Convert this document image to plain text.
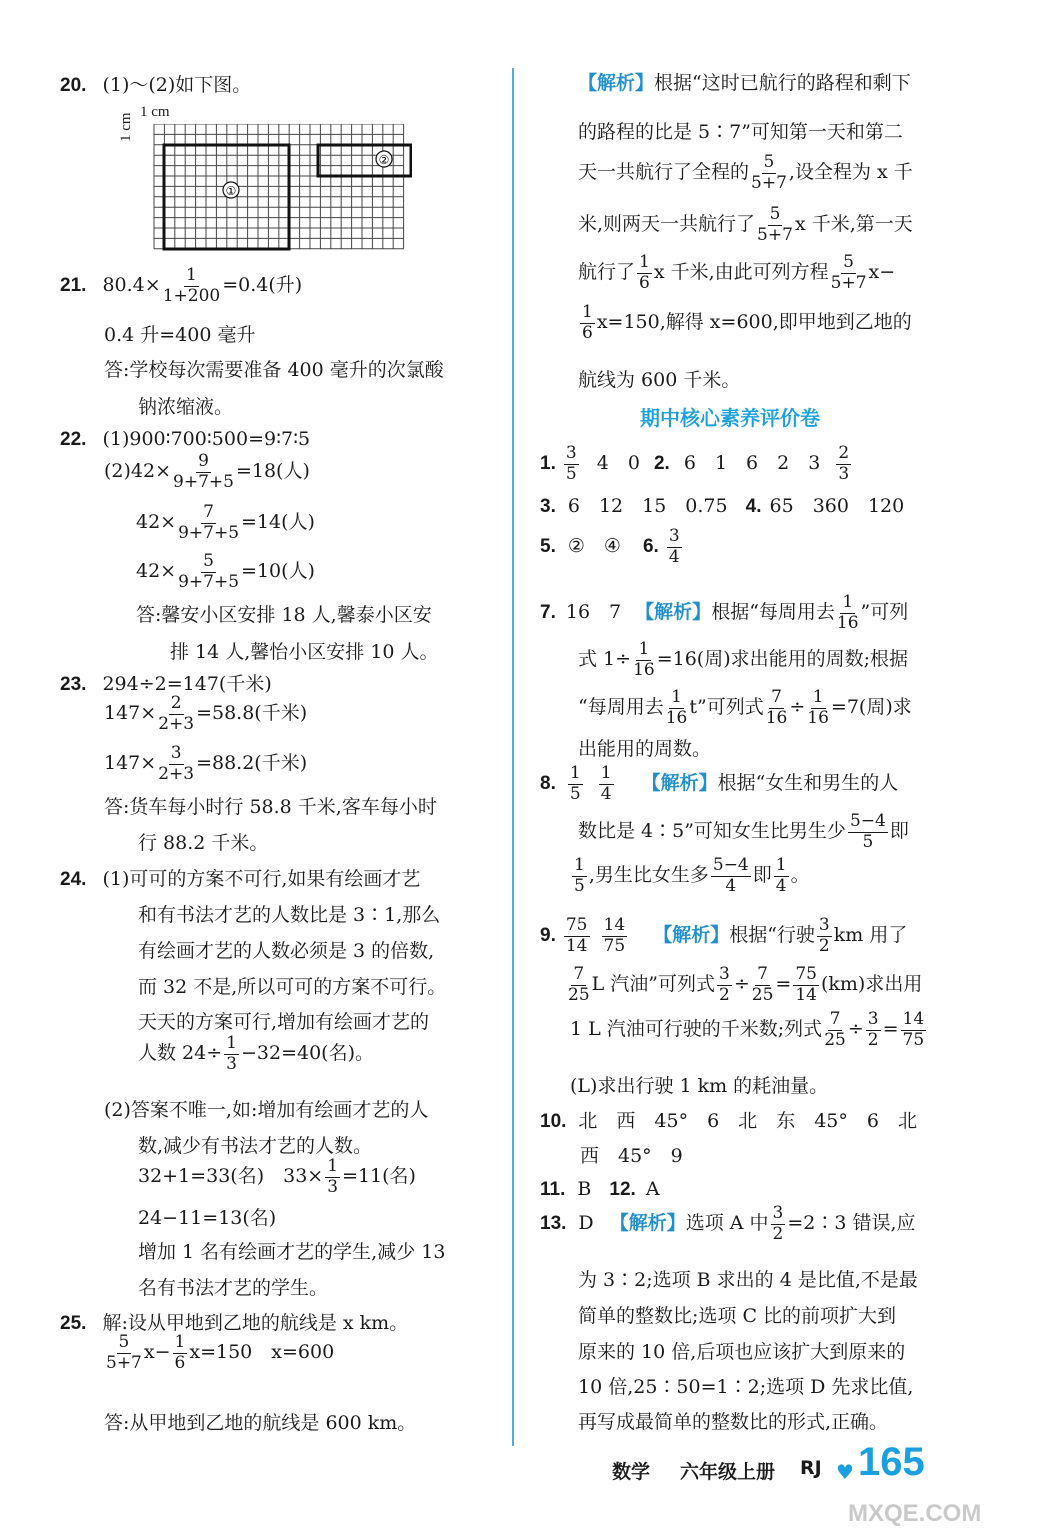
20. (1)～(2)如下图。
1 cm
1 cm
①
②
21. $80.4\times \frac{1}{1+200} =0.4$(升)
0.4 升=400 毫升
答:学校每次需要准备 400 毫升的次氯酸
钠浓缩液。
22. (1)900∶700∶500=9∶7∶5
$(2)42\times \frac{9}{9+7+5} =18$(人)
$42\times \frac{7}{9+7+5} =14$(人)
$42\times \frac{5}{9+7+5} =10$(人)
答:馨安小区安排 18 人,馨泰小区安
排 14 人,馨怡小区安排 10 人。
23. 294÷2=147(千米)
$147\times \frac{2}{2+3} =58.8$(千米)
$147\times \frac{3}{2+3} =88.2$(千米)
答:货车每小时行 58.8 千米,客车每小时
行 88.2 千米。
24. (1)可可的方案不可行,如果有绘画才艺
和有书法才艺的人数比是 3∶1,那么
有绘画才艺的人数必须是 3 的倍数,
而 32 不是,所以可可的方案不可行。
天天的方案可行,增加有绘画才艺的
人数 $24\div \frac{1}{3} -32=40$(名)。
(2)答案不唯一,如:增加有绘画才艺的人
数,减少有书法才艺的人数。
32+1=33(名)　$33\times \frac{1}{3} =11$(名)
24−11=13(名)
增加 1 名有绘画才艺的学生,减少 13
名有书法才艺的学生。
25. 解:设从甲地到乙地的航线是 x km。
$\frac{5}{5+7} x- \frac{1}{6} x=150$　x=600
答:从甲地到乙地的航线是 600 km。
【解析】根据“这时已航行的路程和剩下
的路程的比是 5∶7”可知第一天和第二
天一共航行了全程的 $\frac{5}{5+7}$ ,设全程为 x 千
米,则两天一共航行了 $\frac{5}{5+7}$ x 千米,第一天
航行了 $\frac{1}{6}$ x 千米,由此可列方程 $\frac{5}{5+7} x-$
$\frac{1}{6} x=150$,解得 x=600,即甲地到乙地的
航线为 600 千米。
期中核心素养评价卷
1. $\frac{3}{5} 4$　0 2. 6　1　6　2　$3 \frac{2}{3}$
3. 6　12　15　0.75 4. 65　360　120
5. ②　④ 6. $\frac{3}{4}$
7. 16　7 【解析】根据“每周用去 $\frac{1}{16}$ ”可列
式 $1\div \frac{1}{16} =16$(周)求出能用的周数;根据
“每周用去 $\frac{1}{16} t$”可列式 $\frac{7}{16} \div \frac{1}{16} =7$(周)求
出能用的周数。
8. $\frac{1}{5} \frac{1}{4}$ 【解析】根据“女生和男生的人
数比是 4∶5”可知女生比男生少 $\frac{5-4}{5}$ 即
$\frac{1}{5}$ ,男生比女生多 $\frac{5-4}{4}$ 即 $\frac{1}{4}$ 。
9. $\frac{75}{14} \frac{14}{75}$ 【解析】根据“行驶 $\frac{3}{2}$ km 用了
$\frac{7}{25}$ L 汽油”可列式 $\frac{3}{2} \div \frac{7}{25} = \frac{75}{14} (km)$求出用
1 L 汽油可行驶的千米数;列式 $\frac{7}{25} \div \frac{3}{2} = \frac{14}{75}$
(L)求出行驶 1 km 的耗油量。
10. 北　西　45°　6　北　东　45°　6　北
西　45°　9
11. B 12. A
13. D 【解析】选项 A 中 $\frac{3}{2}$ =2∶3 错误,应
为 3∶2;选项 B 求出的 4 是比值,不是最
简单的整数比;选项 C 比的前项扩大到
原来的 10 倍,后项也应该扩大到原来的
10 倍,25∶50=1∶2;选项 D 先求比值,
再写成最简单的整数比的形式,正确。
数学 六年级上册 RJ ♥ 165
MXQE.COM
